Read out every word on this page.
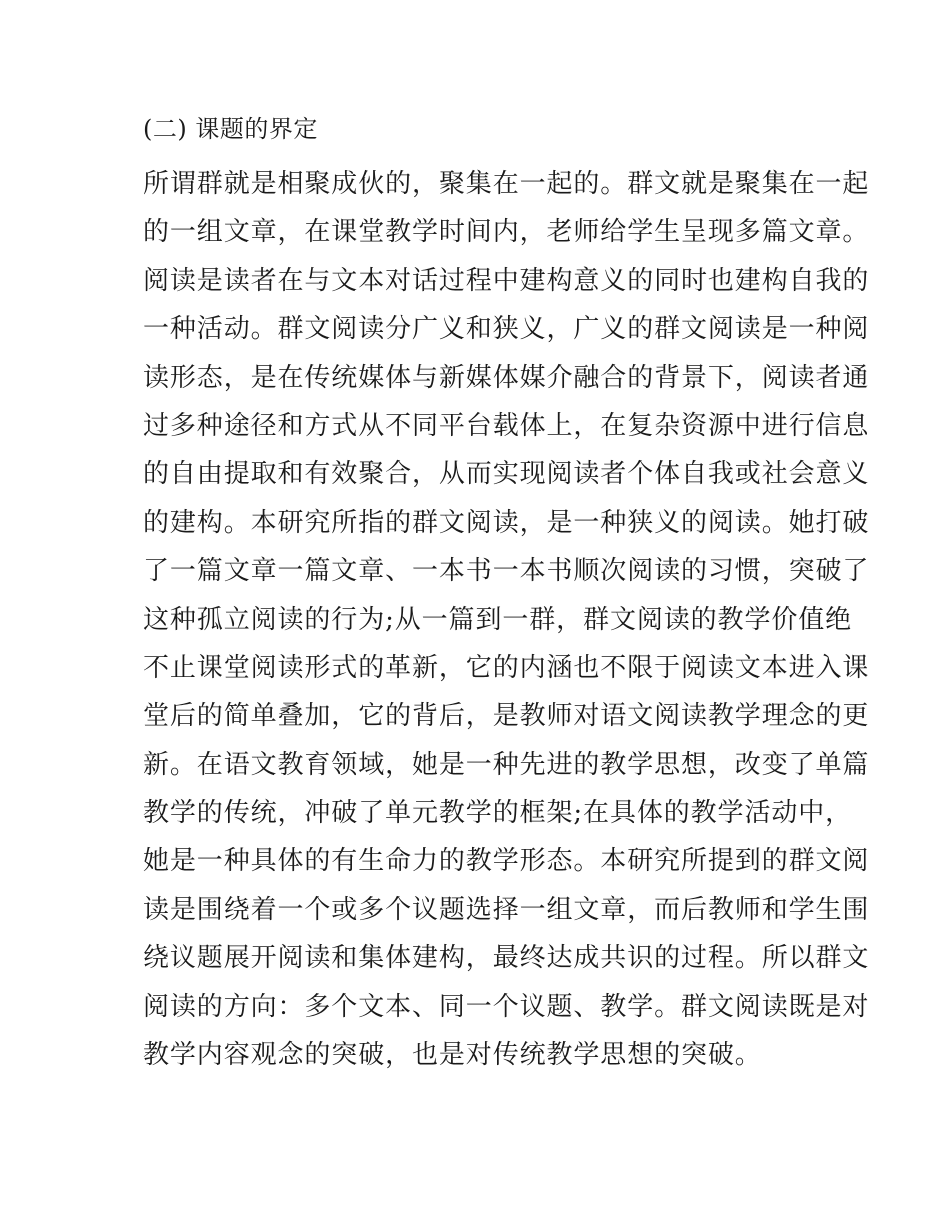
(二) 课题的界定
所谓群就是相聚成伙的，聚集在一起的。群文就是聚集在一起
的一组文章，在课堂教学时间内，老师给学生呈现多篇文章。
阅读是读者在与文本对话过程中建构意义的同时也建构自我的
一种活动。群文阅读分广义和狭义，广义的群文阅读是一种阅
读形态，是在传统媒体与新媒体媒介融合的背景下，阅读者通
过多种途径和方式从不同平台载体上，在复杂资源中进行信息
的自由提取和有效聚合，从而实现阅读者个体自我或社会意义
的建构。本研究所指的群文阅读，是一种狭义的阅读。她打破
了一篇文章一篇文章、一本书一本书顺次阅读的习惯，突破了
这种孤立阅读的行为;从一篇到一群，群文阅读的教学价值绝
不止课堂阅读形式的革新，它的内涵也不限于阅读文本进入课
堂后的简单叠加，它的背后，是教师对语文阅读教学理念的更
新。在语文教育领域，她是一种先进的教学思想，改变了单篇
教学的传统，冲破了单元教学的框架;在具体的教学活动中，
她是一种具体的有生命力的教学形态。本研究所提到的群文阅
读是围绕着一个或多个议题选择一组文章，而后教师和学生围
绕议题展开阅读和集体建构，最终达成共识的过程。所以群文
阅读的方向：多个文本、同一个议题、教学。群文阅读既是对
教学内容观念的突破，也是对传统教学思想的突破。
